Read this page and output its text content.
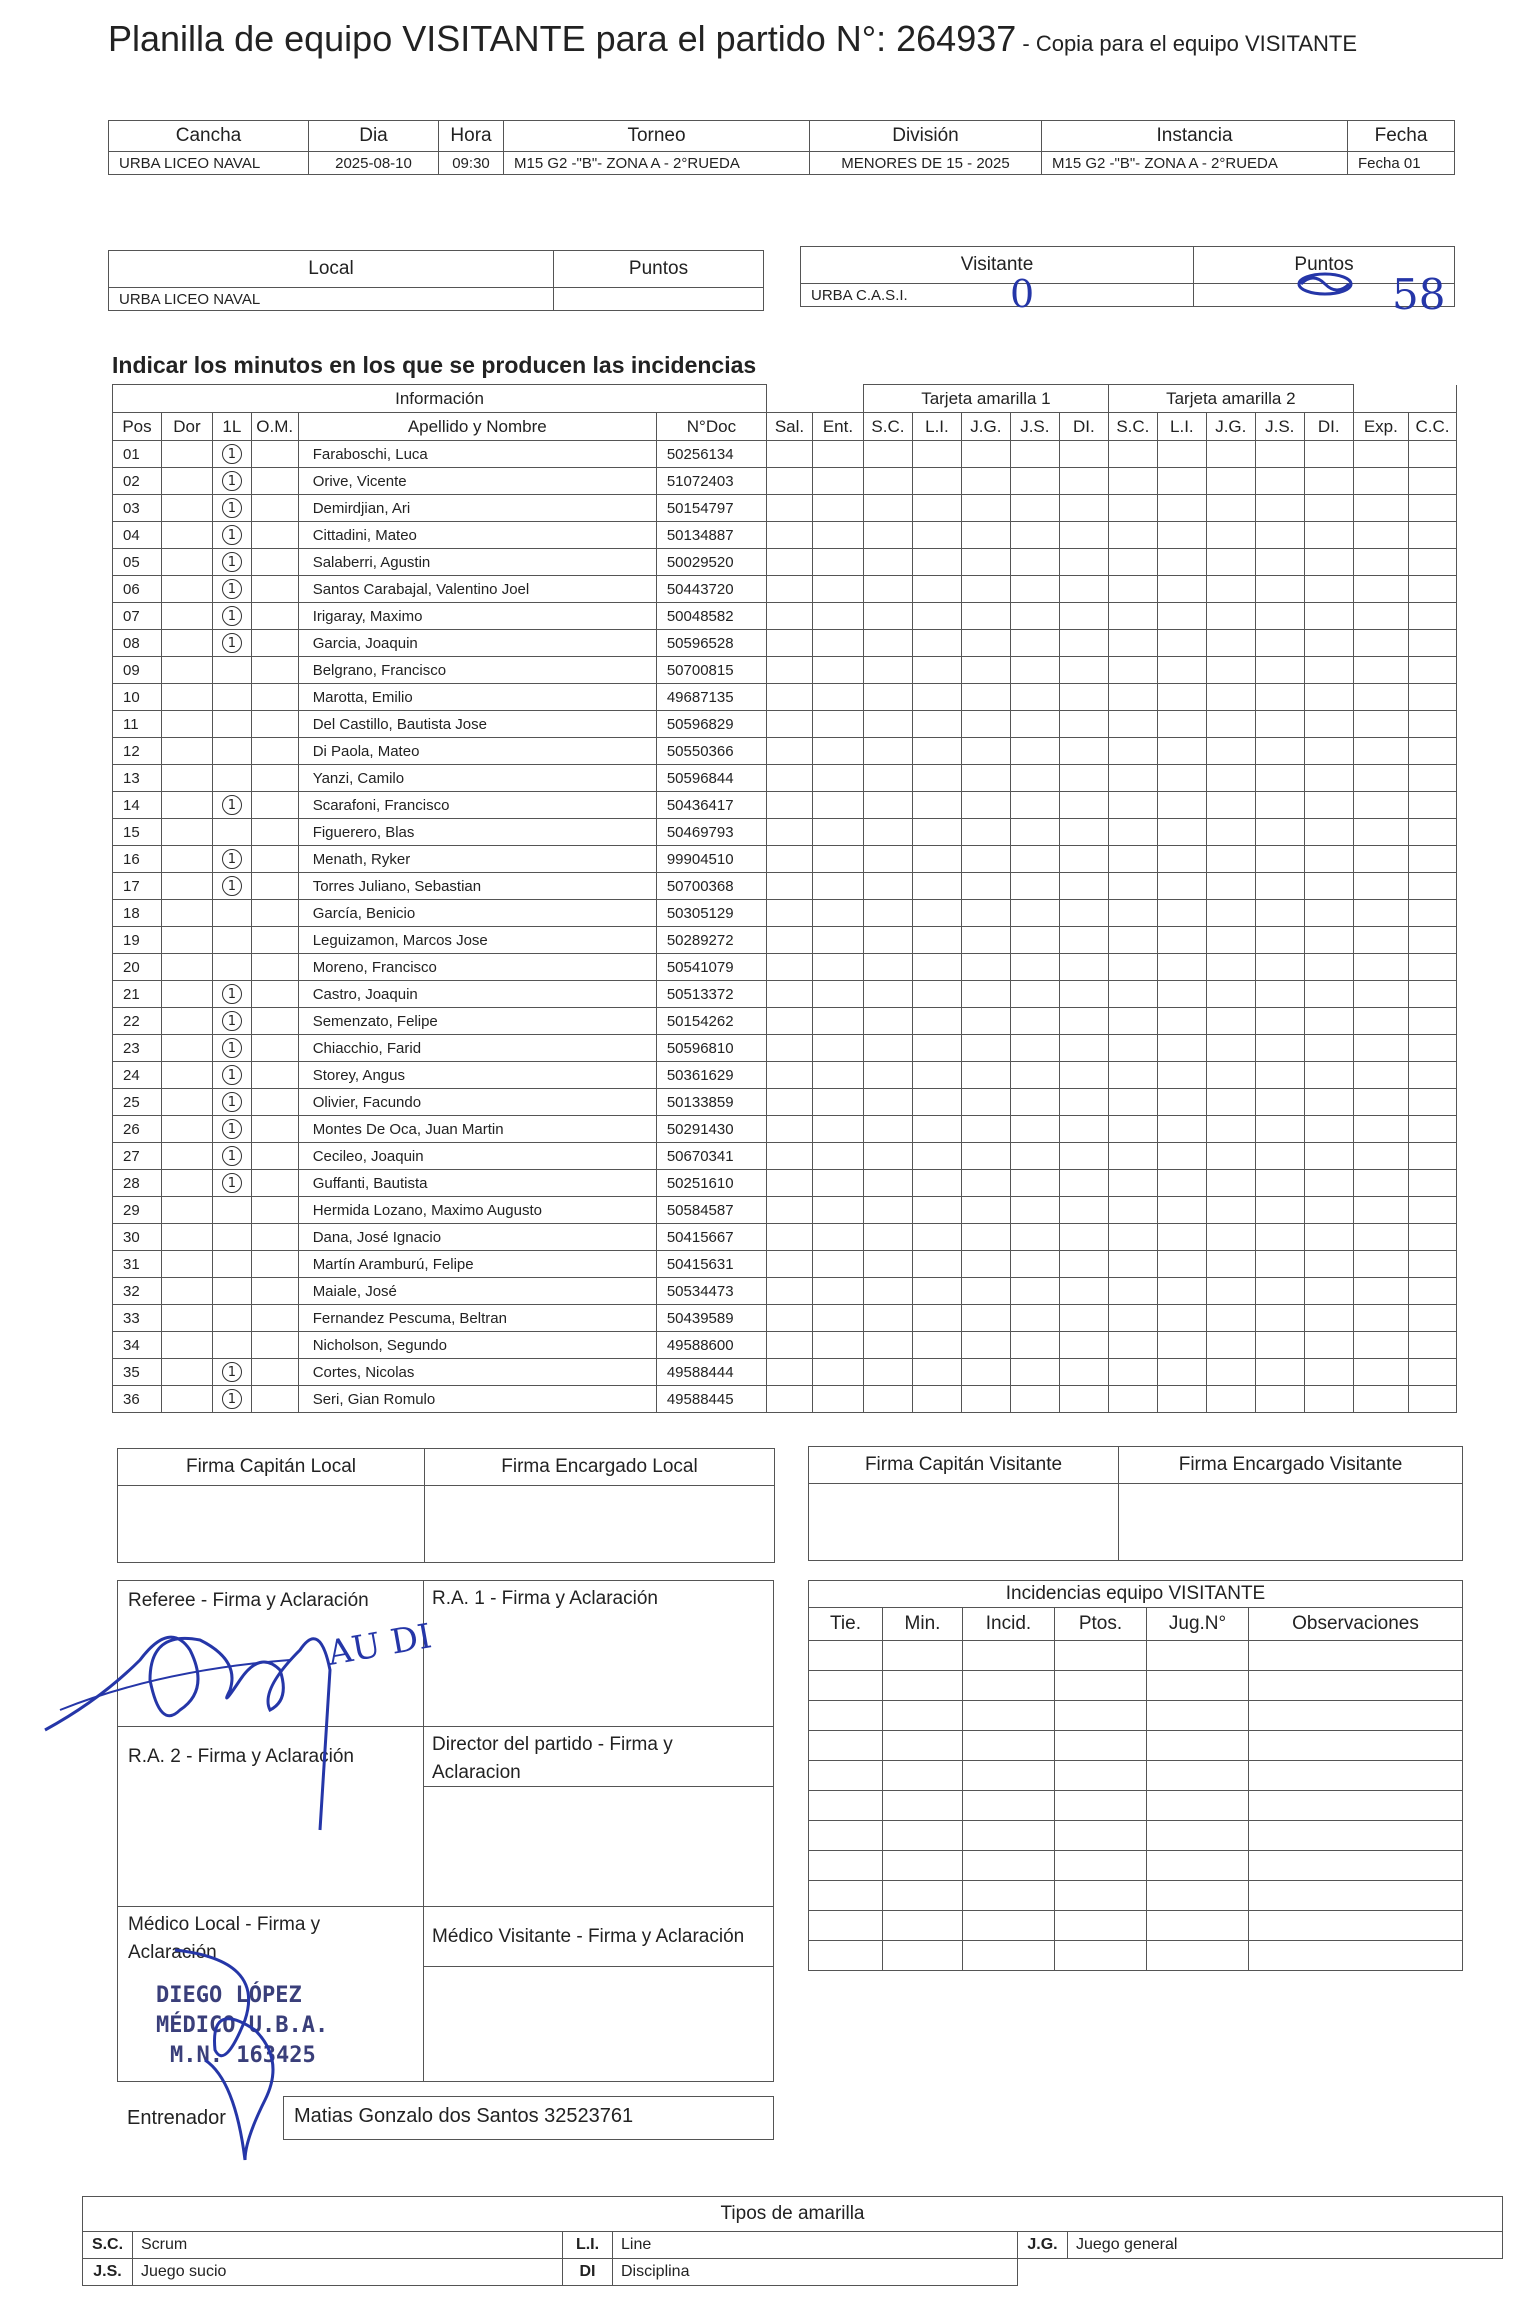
Planilla de equipo VISITANTE para el partido N°: 264937 - Copia para el equipo VISITANTE
Cancha	Dia	Hora	Torneo	División	Instancia	Fecha
URBA LICEO NAVAL	2025-08-10	09:30	M15 G2 -"B"- ZONA A - 2°RUEDA	MENORES DE 15 - 2025	M15 G2 -"B"- ZONA A - 2°RUEDA	Fecha 01
Local	Puntos
URBA LICEO NAVAL	
Visitante	Puntos
URBA C.A.S.I.		0	58
Indicar los minutos en los que se producen las incidencias
Información								Tarjeta amarilla 1					Tarjeta amarilla 2						
Pos	Dor	1L	O.M.	Apellido y Nombre	N°Doc	Sal.	Ent.	S.C.	L.I.	J.G.	J.S.	DI.	S.C.	L.I.	J.G.	J.S.	DI.	Exp.	C.C.
01		1		Faraboschi, Luca	50256134														
02		1		Orive, Vicente	51072403														
03		1		Demirdjian, Ari	50154797														
04		1		Cittadini, Mateo	50134887														
05		1		Salaberri, Agustin	50029520														
06		1		Santos Carabajal, Valentino Joel	50443720														
07		1		Irigaray, Maximo	50048582														
08		1		Garcia, Joaquin	50596528														
09				Belgrano, Francisco	50700815														
10				Marotta, Emilio	49687135														
11				Del Castillo, Bautista Jose	50596829														
12				Di Paola, Mateo	50550366														
13				Yanzi, Camilo	50596844														
14		1		Scarafoni, Francisco	50436417														
15				Figuerero, Blas	50469793														
16		1		Menath, Ryker	99904510														
17		1		Torres Juliano, Sebastian	50700368														
18				García, Benicio	50305129														
19				Leguizamon, Marcos Jose	50289272														
20				Moreno, Francisco	50541079														
21		1		Castro, Joaquin	50513372														
22		1		Semenzato, Felipe	50154262														
23		1		Chiacchio, Farid	50596810														
24		1		Storey, Angus	50361629														
25		1		Olivier, Facundo	50133859														
26		1		Montes De Oca, Juan Martin	50291430														
27		1		Cecileo, Joaquin	50670341														
28		1		Guffanti, Bautista	50251610														
29				Hermida Lozano, Maximo Augusto	50584587														
30				Dana, José Ignacio	50415667														
31				Martín Aramburú, Felipe	50415631														
32				Maiale, José	50534473														
33				Fernandez Pescuma, Beltran	50439589														
34				Nicholson, Segundo	49588600														
35		1		Cortes, Nicolas	49588444														
36		1		Seri, Gian Romulo	49588445														
Firma Capitán Local	Firma Encargado Local
		Firma Capitán Visitante	Firma Encargado Visitante

Referee - Firma y Aclaración	R.A. 1 - Firma y Aclaración
R.A. 2 - Firma y Aclaración
Director del partido - Firma y Aclaracion
Médico Local - Firma y Aclaración
Médico Visitante - Firma y Aclaración
DIEGO LÓPEZ
MÉDICO U.B.A.
M.N. 163425
AU DI
Entrenador	Matias Gonzalo dos Santos 32523761
Incidencias equipo VISITANTE					
Tie.	Min.	Incid.	Ptos.	Jug.N°	Observaciones

Tipos de amarilla					
S.C.	Scrum	L.I.	Line	J.G.	Juego general
J.S.	Juego sucio	DI	Disciplina		
